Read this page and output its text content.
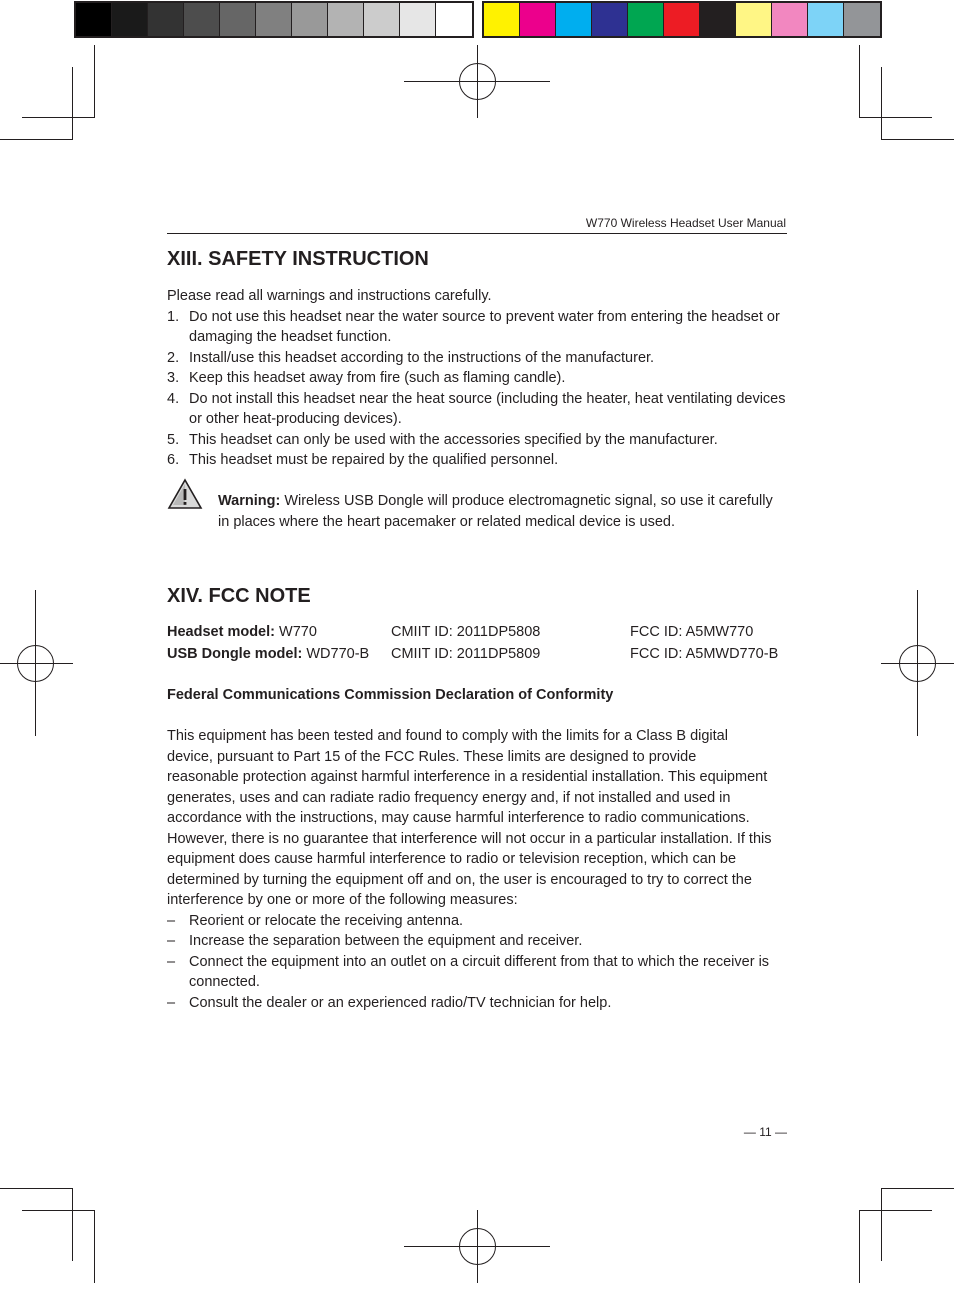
W770 Wireless Headset User Manual
XIII. SAFETY INSTRUCTION
Please read all warnings and instructions carefully.
1. Do not use this headset near the water source to prevent water from entering the headset or damaging the headset function.
2. Install/use this headset according to the instructions of the manufacturer.
3. Keep this headset away from fire (such as flaming candle).
4. Do not install this headset near the heat source (including the heater, heat ventilating devices or other heat-producing devices).
5. This headset can only be used with the accessories specified by the manufacturer.
6. This headset must be repaired by the qualified personnel.
Warning: Wireless USB Dongle will produce electromagnetic signal, so use it carefully in places where the heart pacemaker or related medical device is used.
XIV. FCC NOTE
Headset model: W770	CMIIT ID: 2011DP5808	FCC ID: A5MW770
USB Dongle model: WD770-B	CMIIT ID: 2011DP5809	FCC ID: A5MWD770-B
Federal Communications Commission Declaration of Conformity
This equipment has been tested and found to comply with the limits for a Class B digital device, pursuant to Part 15 of the FCC Rules. These limits are designed to provide reasonable protection against harmful interference in a residential installation. This equipment generates, uses and can radiate radio frequency energy and, if not installed and used in accordance with the instructions, may cause harmful interference to radio communications. However, there is no guarantee that interference will not occur in a particular installation. If this equipment does cause harmful interference to radio or television reception, which can be determined by turning the equipment off and on, the user is encouraged to try to correct the interference by one or more of the following measures:
– Reorient or relocate the receiving antenna.
– Increase the separation between the equipment and receiver.
– Connect the equipment into an outlet on a circuit different from that to which the receiver is connected.
– Consult the dealer or an experienced radio/TV technician for help.
— 11 —
